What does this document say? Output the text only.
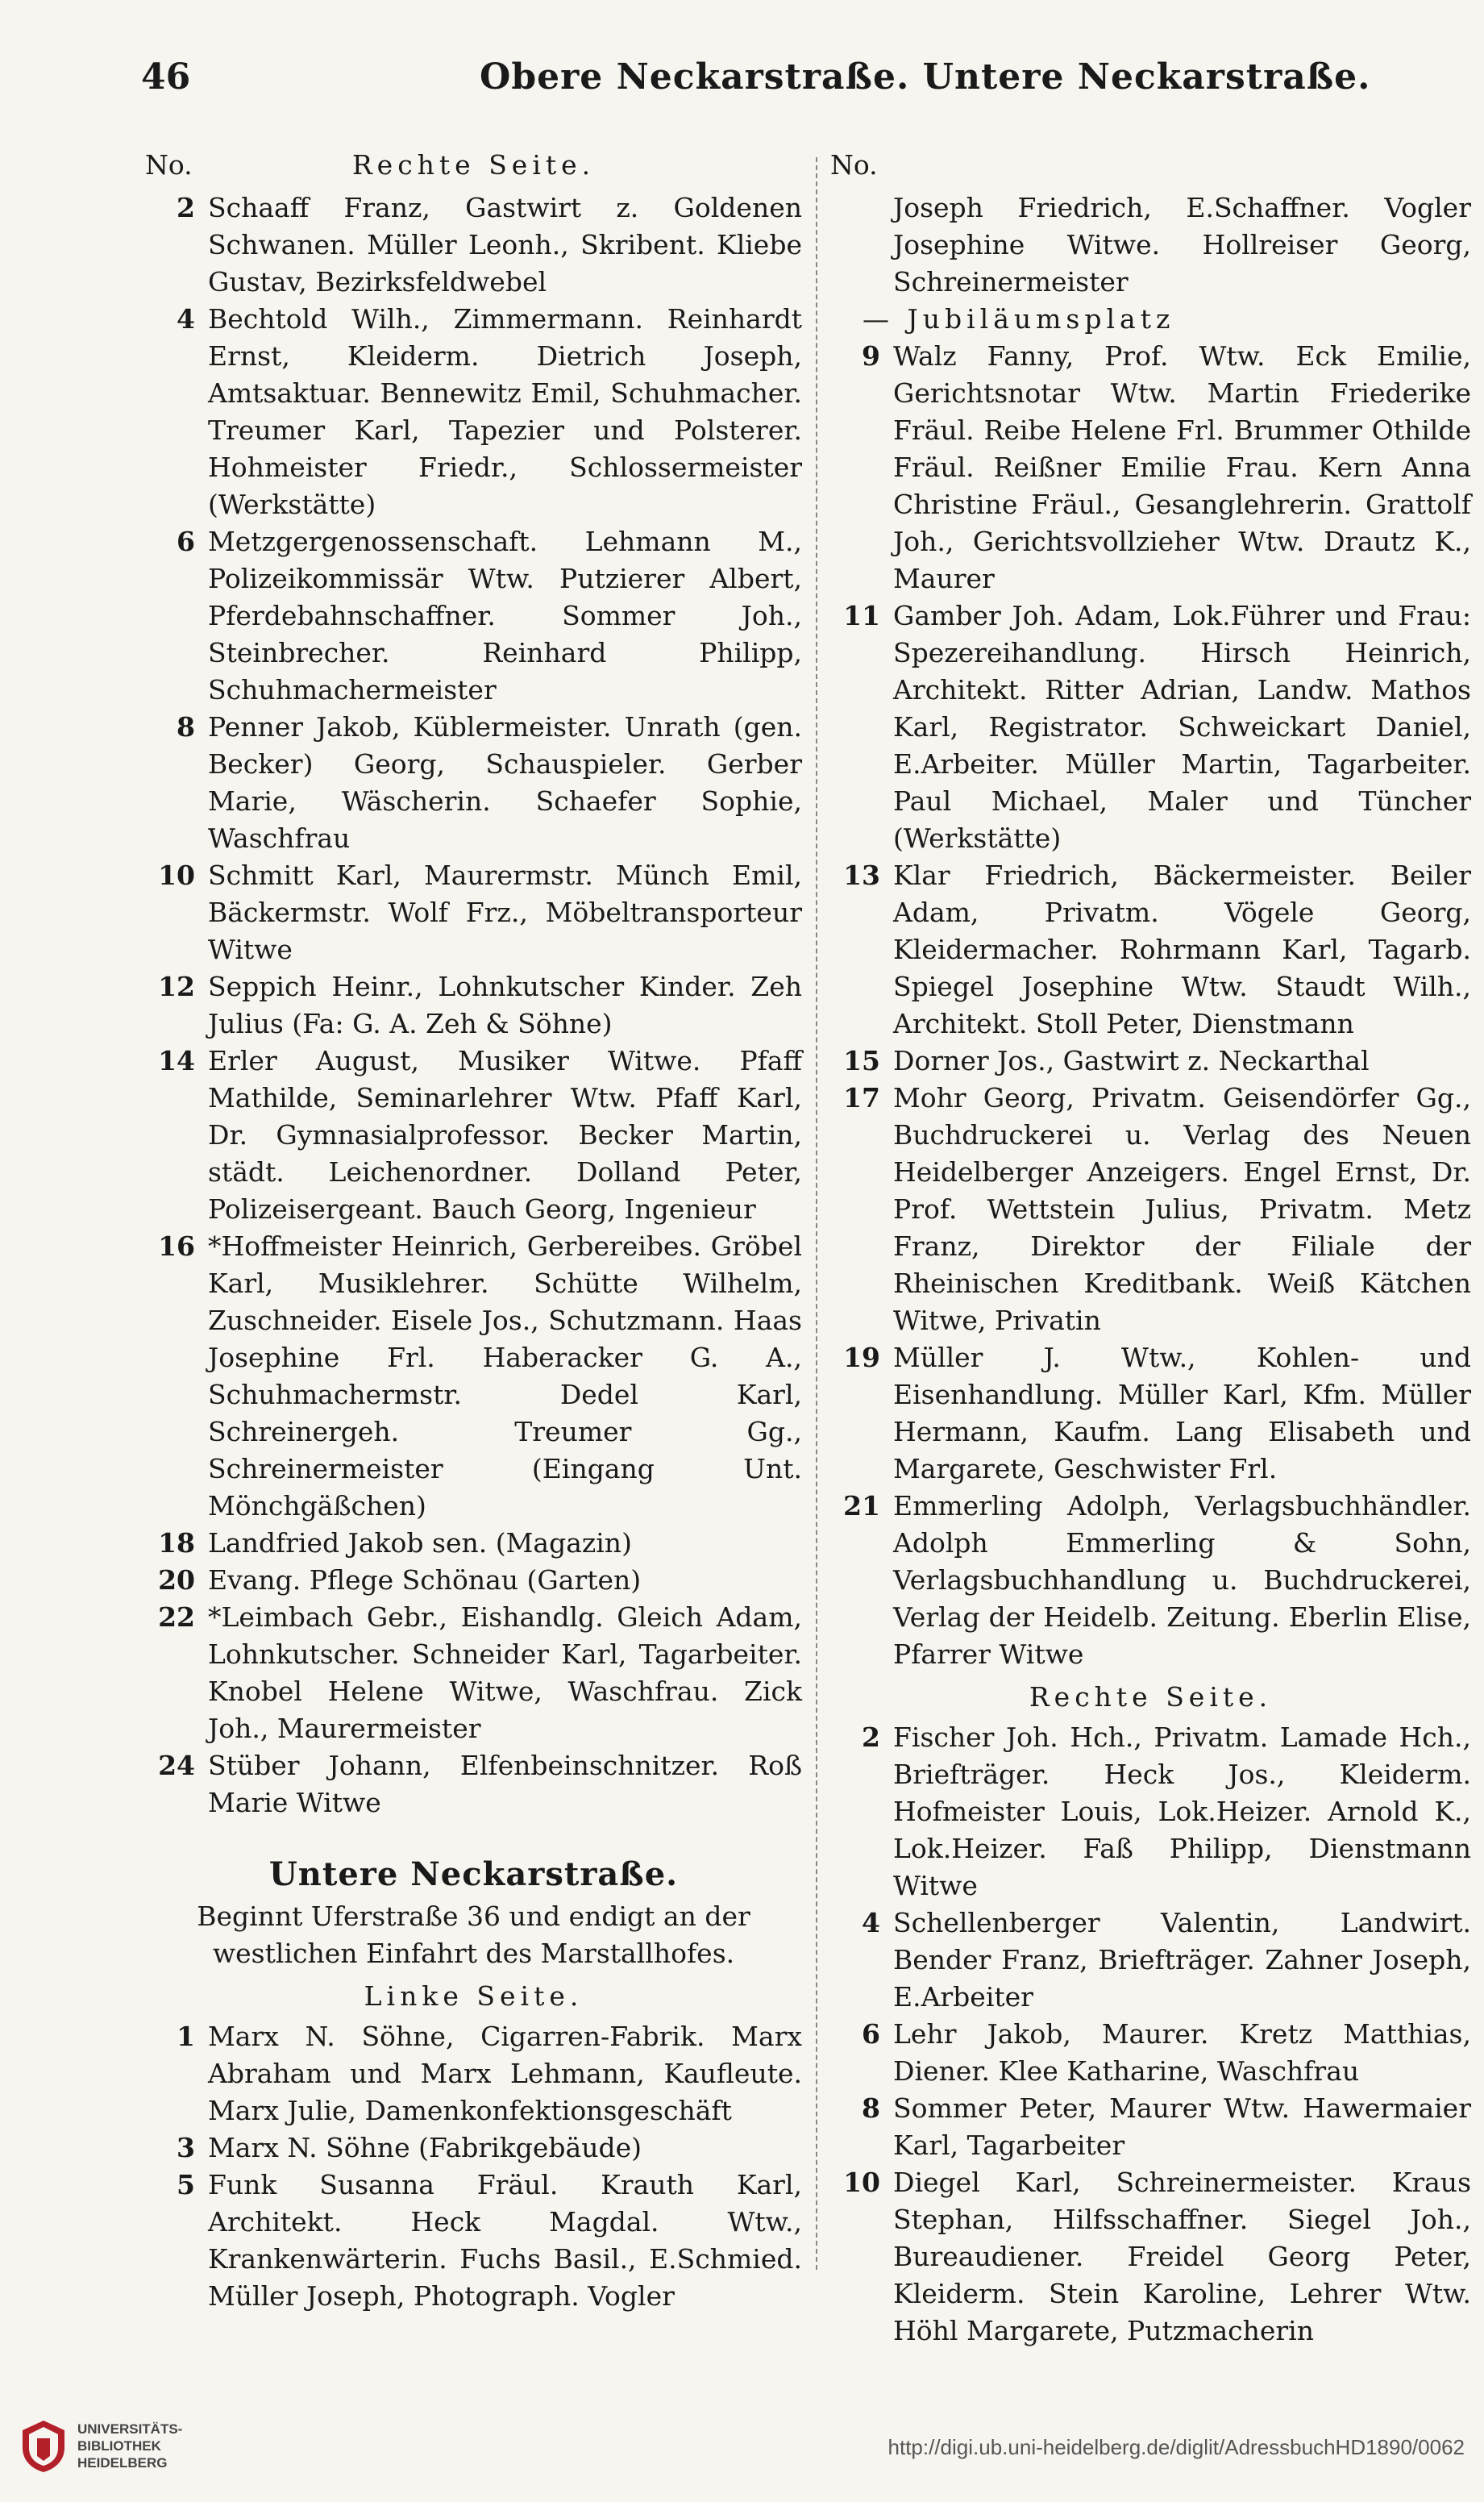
46	Obere Neckarstraße. Untere Neckarstraße.
No.	Rechte Seite.

2 Schaaff Franz, Gastwirt z. Goldenen Schwanen. Müller Leonh., Skribent. Kliebe Gustav, Bezirksfeldwebel

4 Bechtold Wilh., Zimmermann. Reinhardt Ernst, Kleiderm. Dietrich Joseph, Amtsaktuar. Bennewitz Emil, Schuhmacher. Treumer Karl, Tapezier und Polsterer. Hohmeister Friedr., Schlossermeister (Werkstätte)

6 Metzgergenossenschaft. Lehmann M., Polizeikommissär Wtw. Putzierer Albert, Pferdebahnschaffner. Sommer Joh., Steinbrecher. Reinhard Philipp, Schuhmachermeister

8 Penner Jakob, Küblermeister. Unrath (gen. Becker) Georg, Schauspieler. Gerber Marie, Wäscherin. Schaefer Sophie, Waschfrau

10 Schmitt Karl, Maurermstr. Münch Emil, Bäckermstr. Wolf Frz., Möbeltransporteur Witwe

12 Seppich Heinr., Lohnkutscher Kinder. Zeh Julius (Fa: G. A. Zeh & Söhne)

14 Erler August, Musiker Witwe. Pfaff Mathilde, Seminarlehrer Wtw. Pfaff Karl, Dr. Gymnasialprofessor. Becker Martin, städt. Leichenordner. Dolland Peter, Polizeisergeant. Bauch Georg, Ingenieur

16 *Hoffmeister Heinrich, Gerbereibes. Gröbel Karl, Musiklehrer. Schütte Wilhelm, Zuschneider. Eisele Jos., Schutzmann. Haas Josephine Frl. Haberacker G. A., Schuhmachermstr. Dedel Karl, Schreinergeh. Treumer Gg., Schreinermeister (Eingang Unt. Mönchgäßchen)

18 Landfried Jakob sen. (Magazin)

20 Evang. Pflege Schönau (Garten)

22 *Leimbach Gebr., Eishandlg. Gleich Adam, Lohnkutscher. Schneider Karl, Tagarbeiter. Knobel Helene Witwe, Waschfrau. Zick Joh., Maurermeister

24 Stüber Johann, Elfenbeinschnitzer. Roß Marie Witwe

Untere Neckarstraße.
Beginnt Uferstraße 36 und endigt an der westlichen Einfahrt des Marstallhofes.
Linke Seite.

1 Marx N. Söhne, Cigarren-Fabrik. Marx Abraham und Marx Lehmann, Kaufleute. Marx Julie, Damenkonfektionsgeschäft

3 Marx N. Söhne (Fabrikgebäude)

5 Funk Susanna Fräul. Krauth Karl, Architekt. Heck Magdal. Wtw., Krankenwärterin. Fuchs Basil., E.Schmied. Müller Joseph, Photograph. Vogler

No.
Joseph Friedrich, E.Schaffner. Vogler Josephine Witwe. Hollreiser Georg, Schreinermeister
— Jubiläumsplatz

9 Walz Fanny, Prof. Wtw. Eck Emilie, Gerichtsnotar Wtw. Martin Friederike Fräul. Reibe Helene Frl. Brummer Othilde Fräul. Reißner Emilie Frau. Kern Anna Christine Fräul., Gesanglehrerin. Grattolf Joh., Gerichtsvollzieher Wtw. Drautz K., Maurer

11 Gamber Joh. Adam, Lok.Führer und Frau: Spezereihandlung. Hirsch Heinrich, Architekt. Ritter Adrian, Landw. Mathos Karl, Registrator. Schweickart Daniel, E.Arbeiter. Müller Martin, Tagarbeiter. Paul Michael, Maler und Tüncher (Werkstätte)

13 Klar Friedrich, Bäckermeister. Beiler Adam, Privatm. Vögele Georg, Kleidermacher. Rohrmann Karl, Tagarb. Spiegel Josephine Wtw. Staudt Wilh., Architekt. Stoll Peter, Dienstmann

15 Dorner Jos., Gastwirt z. Neckarthal

17 Mohr Georg, Privatm. Geisendörfer Gg., Buchdruckerei u. Verlag des Neuen Heidelberger Anzeigers. Engel Ernst, Dr. Prof. Wettstein Julius, Privatm. Metz Franz, Direktor der Filiale der Rheinischen Kreditbank. Weiß Kätchen Witwe, Privatin

19 Müller J. Wtw., Kohlen- und Eisenhandlung. Müller Karl, Kfm. Müller Hermann, Kaufm. Lang Elisabeth und Margarete, Geschwister Frl.

21 Emmerling Adolph, Verlagsbuchhändler. Adolph Emmerling & Sohn, Verlagsbuchhandlung u. Buchdruckerei, Verlag der Heidelb. Zeitung. Eberlin Elise, Pfarrer Witwe

Rechte Seite.

2 Fischer Joh. Hch., Privatm. Lamade Hch., Briefträger. Heck Jos., Kleiderm. Hofmeister Louis, Lok.Heizer. Arnold K., Lok.Heizer. Faß Philipp, Dienstmann Witwe

4 Schellenberger Valentin, Landwirt. Bender Franz, Briefträger. Zahner Joseph, E.Arbeiter

6 Lehr Jakob, Maurer. Kretz Matthias, Diener. Klee Katharine, Waschfrau

8 Sommer Peter, Maurer Wtw. Hawermaier Karl, Tagarbeiter

10 Diegel Karl, Schreinermeister. Kraus Stephan, Hilfsschaffner. Siegel Joh., Bureaudiener. Freidel Georg Peter, Kleiderm. Stein Karoline, Lehrer Wtw. Höhl Margarete, Putzmacherin

UNIVERSITÄTS-
BIBLIOTHEK
HEIDELBERG
http://digi.ub.uni-heidelberg.de/diglit/AdressbuchHD1890/0062
